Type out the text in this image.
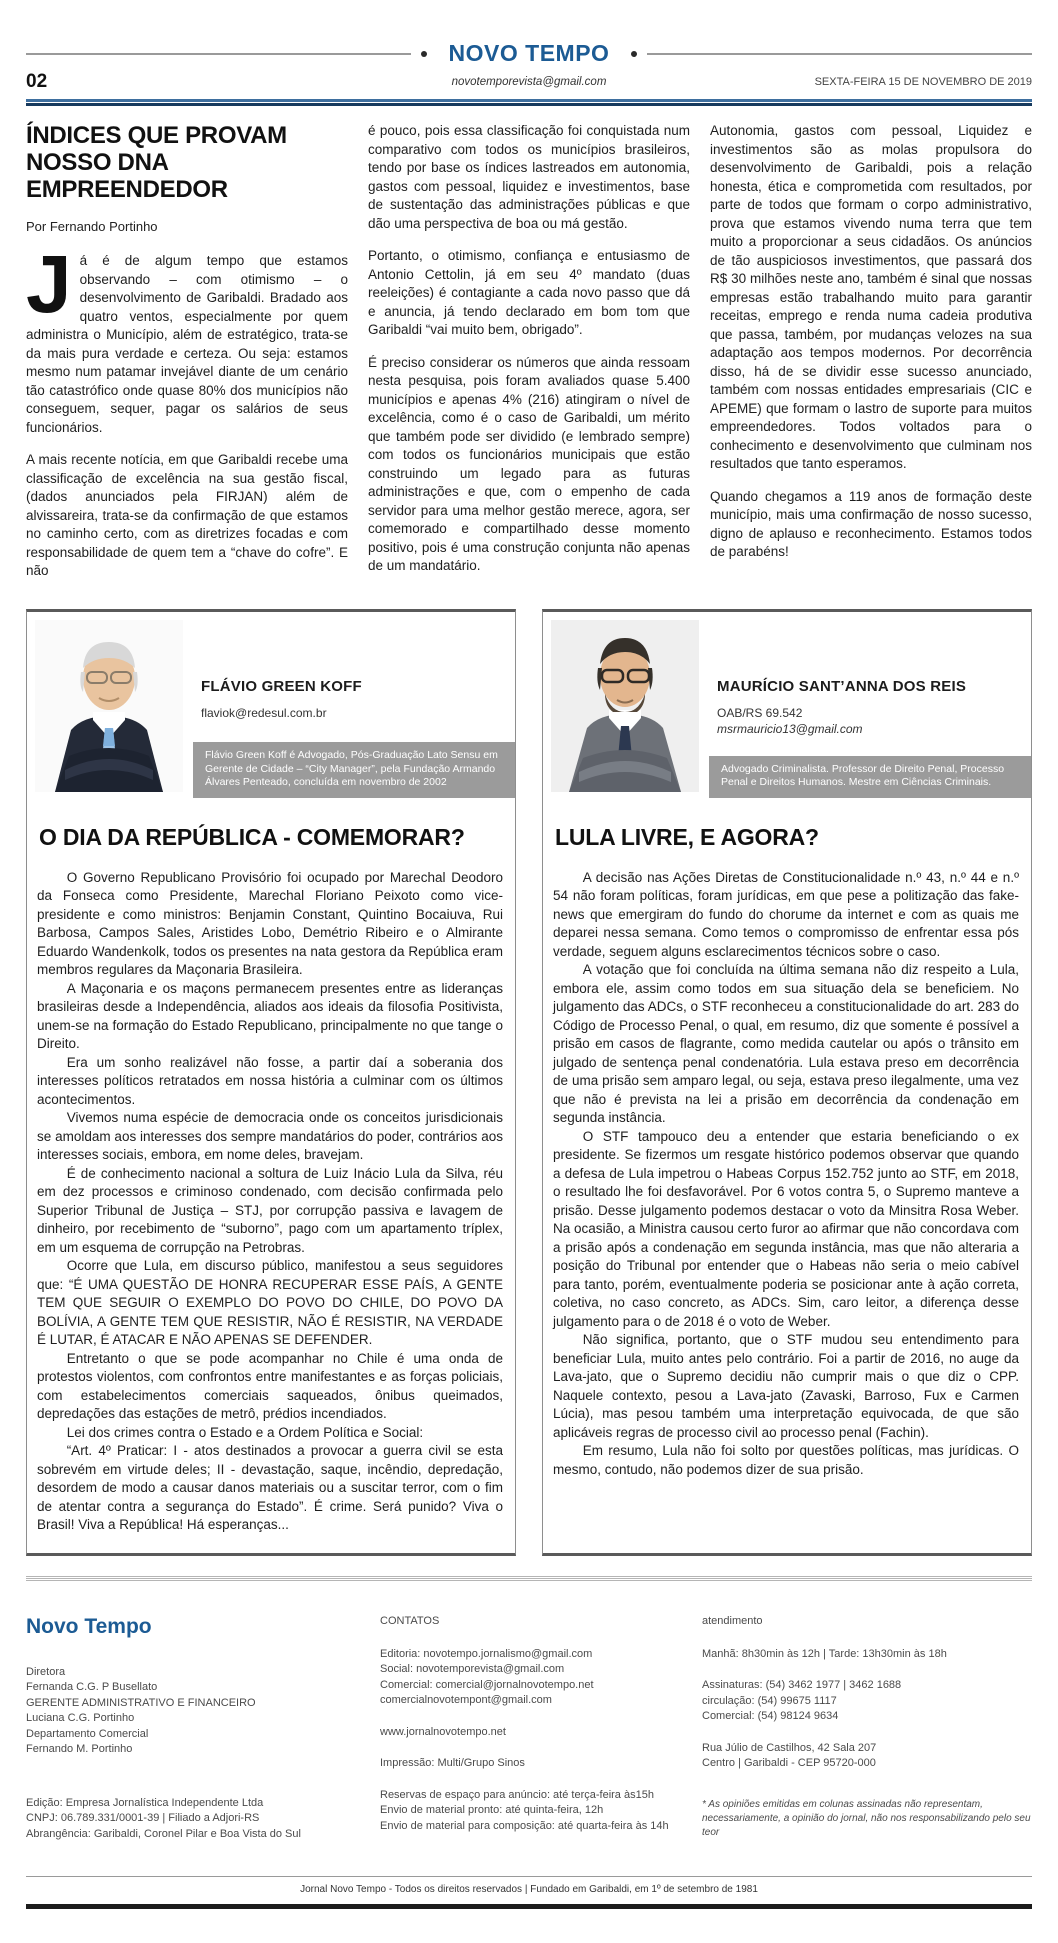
NOVO TEMPO
02	novotemporevista@gmail.com	SEXTA-FEIRA 15 DE NOVEMBRO DE 2019
ÍNDICES QUE PROVAM NOSSO DNA EMPREENDEDOR
Por Fernando Portinho

Já é de algum tempo que estamos observando – com otimismo – o desenvolvimento de Garibaldi. Bradado aos quatro ventos, especialmente por quem administra o Município, além de estratégico, trata-se da mais pura verdade e certeza. Ou seja: estamos mesmo num patamar invejável diante de um cenário tão catastrófico onde quase 80% dos municípios não conseguem, sequer, pagar os salários de seus funcionários.

A mais recente notícia, em que Garibaldi recebe uma classificação de excelência na sua gestão fiscal, (dados anunciados pela FIRJAN) além de alvissareira, trata-se da confirmação de que estamos no caminho certo, com as diretrizes focadas e com responsabilidade de quem tem a “chave do cofre”. E não

é pouco, pois essa classificação foi conquistada num comparativo com todos os municípios brasileiros, tendo por base os índices lastreados em autonomia, gastos com pessoal, liquidez e investimentos, base de sustentação das administrações públicas e que dão uma perspectiva de boa ou má gestão.

Portanto, o otimismo, confiança e entusiasmo de Antonio Cettolin, já em seu 4º mandato (duas reeleições) é contagiante a cada novo passo que dá e anuncia, já tendo declarado em bom tom que Garibaldi “vai muito bem, obrigado”.

É preciso considerar os números que ainda ressoam nesta pesquisa, pois foram avaliados quase 5.400 municípios e apenas 4% (216) atingiram o nível de excelência, como é o caso de Garibaldi, um mérito que também pode ser dividido (e lembrado sempre) com todos os funcionários municipais que estão construindo um legado para as futuras administrações e que, com o empenho de cada servidor para uma melhor gestão merece, agora, ser comemorado e compartilhado desse momento positivo, pois é uma construção conjunta não apenas de um mandatário.

Autonomia, gastos com pessoal, Liquidez e investimentos são as molas propulsora do desenvolvimento de Garibaldi, pois a relação honesta, ética e comprometida com resultados, por parte de todos que formam o corpo administrativo, prova que estamos vivendo numa terra que tem muito a proporcionar a seus cidadãos. Os anúncios de tão auspiciosos investimentos, que passará dos R$ 30 milhões neste ano, também é sinal que nossas empresas estão trabalhando muito para garantir receitas, emprego e renda numa cadeia produtiva que passa, também, por mudanças velozes na sua adaptação aos tempos modernos. Por decorrência disso, há de se dividir esse sucesso anunciado, também com nossas entidades empresariais (CIC e APEME) que formam o lastro de suporte para muitos empreendedores. Todos voltados para o conhecimento e desenvolvimento que culminam nos resultados que tanto esperamos.

Quando chegamos a 119 anos de formação deste município, mais uma confirmação de nosso sucesso, digno de aplauso e reconhecimento. Estamos todos de parabéns!

FLÁVIO GREEN KOFF
flaviok@redesul.com.br
Flávio Green Koff é Advogado, Pós-Graduação Lato Sensu em Gerente de Cidade – “City Manager”, pela Fundação Armando Álvares Penteado, concluída em novembro de 2002
O DIA DA REPÚBLICA - COMEMORAR?

O Governo Republicano Provisório foi ocupado por Marechal Deodoro da Fonseca como Presidente, Marechal Floriano Peixoto como vice-presidente e como ministros: Benjamin Constant, Quintino Bocaiuva, Rui Barbosa, Campos Sales, Aristides Lobo, Demétrio Ribeiro e o Almirante Eduardo Wandenkolk, todos os presentes na nata gestora da República eram membros regulares da Maçonaria Brasileira.

A Maçonaria e os maçons permanecem presentes entre as lideranças brasileiras desde a Independência, aliados aos ideais da filosofia Positivista, unem-se na formação do Estado Republicano, principalmente no que tange o Direito.

Era um sonho realizável não fosse, a partir daí a soberania dos interesses políticos retratados em nossa história a culminar com os últimos acontecimentos.

Vivemos numa espécie de democracia onde os conceitos jurisdicionais se amoldam aos interesses dos sempre mandatários do poder, contrários aos interesses sociais, embora, em nome deles, bravejam.

É de conhecimento nacional a soltura de Luiz Inácio Lula da Silva, réu em dez processos e criminoso condenado, com decisão confirmada pelo Superior Tribunal de Justiça – STJ, por corrupção passiva e lavagem de dinheiro, por recebimento de “suborno”, pago com um apartamento tríplex, em um esquema de corrupção na Petrobras.

Ocorre que Lula, em discurso público, manifestou a seus seguidores que: “É UMA QUESTÃO DE HONRA RECUPERAR ESSE PAÍS, A GENTE TEM QUE SEGUIR O EXEMPLO DO POVO DO CHILE, DO POVO DA BOLÍVIA, A GENTE TEM QUE RESISTIR, NÃO É RESISTIR, NA VERDADE É LUTAR, É ATACAR E NÃO APENAS SE DEFENDER.

Entretanto o que se pode acompanhar no Chile é uma onda de protestos violentos, com confrontos entre manifestantes e as forças policiais, com estabelecimentos comerciais saqueados, ônibus queimados, depredações das estações de metrô, prédios incendiados.

Lei dos crimes contra o Estado e a Ordem Política e Social:

“Art. 4º Praticar: I - atos destinados a provocar a guerra civil se esta sobrevém em virtude deles; II - devastação, saque, incêndio, depredação, desordem de modo a causar danos materiais ou a suscitar terror, com o fim de atentar contra a segurança do Estado”. É crime. Será punido? Viva o Brasil! Viva a República! Há esperanças...

MAURÍCIO SANT’ANNA DOS REIS
OAB/RS 69.542
msrmauricio13@gmail.com
Advogado Criminalista. Professor de Direito Penal, Processo Penal e Direitos Humanos. Mestre em Ciências Criminais.
LULA LIVRE, E AGORA?

A decisão nas Ações Diretas de Constitucionalidade n.º 43, n.º 44 e n.º 54 não foram políticas, foram jurídicas, em que pese a politização das fake-news que emergiram do fundo do chorume da internet e com as quais me deparei nessa semana. Como temos o compromisso de enfrentar essa pós verdade, seguem alguns esclarecimentos técnicos sobre o caso.

A votação que foi concluída na última semana não diz respeito a Lula, embora ele, assim como todos em sua situação dela se beneficiem. No julgamento das ADCs, o STF reconheceu a constitucionalidade do art. 283 do Código de Processo Penal, o qual, em resumo, diz que somente é possível a prisão em casos de flagrante, como medida cautelar ou após o trânsito em julgado de sentença penal condenatória. Lula estava preso em decorrência de uma prisão sem amparo legal, ou seja, estava preso ilegalmente, uma vez que não é prevista na lei a prisão em decorrência da condenação em segunda instância.

O STF tampouco deu a entender que estaria beneficiando o ex presidente. Se fizermos um resgate histórico podemos observar que quando a defesa de Lula impetrou o Habeas Corpus 152.752 junto ao STF, em 2018, o resultado lhe foi desfavorável. Por 6 votos contra 5, o Supremo manteve a prisão. Desse julgamento podemos destacar o voto da Minsitra Rosa Weber. Na ocasião, a Ministra causou certo furor ao afirmar que não concordava com a prisão após a condenação em segunda instância, mas que não alteraria a posição do Tribunal por entender que o Habeas não seria o meio cabível para tanto, porém, eventualmente poderia se posicionar ante à ação correta, coletiva, no caso concreto, as ADCs. Sim, caro leitor, a diferença desse julgamento para o de 2018 é o voto de Weber.

Não significa, portanto, que o STF mudou seu entendimento para beneficiar Lula, muito antes pelo contrário. Foi a partir de 2016, no auge da Lava-jato, que o Supremo decidiu não cumprir mais o que diz o CPP. Naquele contexto, pesou a Lava-jato (Zavaski, Barroso, Fux e Carmen Lúcia), mas pesou também uma interpretação equivocada, de que são aplicáveis regras de processo civil ao processo penal (Fachin).

Em resumo, Lula não foi solto por questões políticas, mas jurídicas. O mesmo, contudo, não podemos dizer de sua prisão.

Novo Tempo
Diretora
Fernanda C.G. P Busellato
GERENTE ADMINISTRATIVO E FINANCEIRO
Luciana C.G. Portinho
Departamento Comercial
Fernando M. Portinho
Edição: Empresa Jornalística Independente Ltda
CNPJ: 06.789.331/0001-39 | Filiado a Adjori-RS
Abrangência: Garibaldi, Coronel Pilar e Boa Vista do Sul
CONTATOS
Editoria: novotempo.jornalismo@gmail.com
Social: novotemporevista@gmail.com
Comercial: comercial@jornalnovotempo.net
comercialnovotempont@gmail.com
www.jornalnovotempo.net
Impressão: Multi/Grupo Sinos
Reservas de espaço para anúncio: até terça-feira às15h
Envio de material pronto: até quinta-feira, 12h
Envio de material para composição: até quarta-feira às 14h
atendimento
Manhã: 8h30min às 12h | Tarde: 13h30min às 18h
Assinaturas: (54) 3462 1977 | 3462 1688
circulação: (54) 99675 1117
Comercial: (54) 98124 9634
Rua Júlio de Castilhos, 42 Sala 207
Centro | Garibaldi - CEP 95720-000
* As opiniões emitidas em colunas assinadas não representam,
necessariamente, a opinião do jornal, não nos responsabilizando pelo seu teor
Jornal Novo Tempo - Todos os direitos reservados | Fundado em Garibaldi, em 1º de setembro de 1981
